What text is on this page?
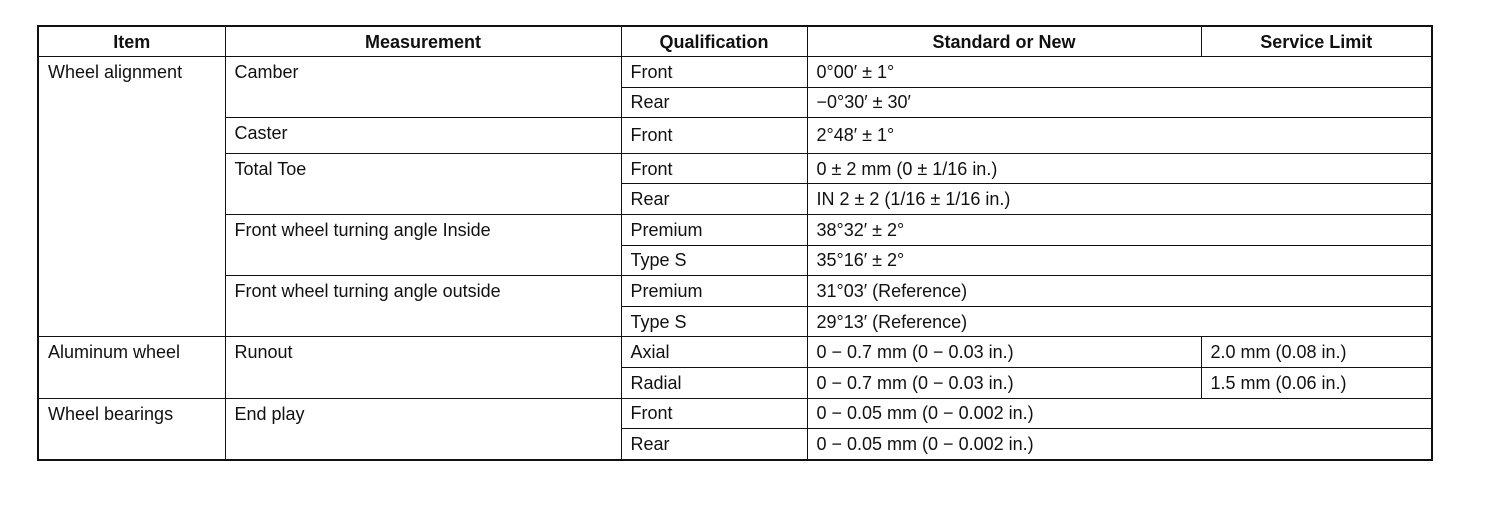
Item	Measurement	Qualification	Standard or New	Service Limit
Wheel alignment	Camber	Front	0°00′ ± 1°	
		Rear	−0°30′ ± 30′	
	Caster	Front	2°48′ ± 1°	
	Total Toe	Front	0 ± 2 mm (0 ± 1/16 in.)	
		Rear	IN 2 ± 2 (1/16 ± 1/16 in.)	
	Front wheel turning angle Inside	Premium	38°32′ ± 2°	
		Type S	35°16′ ± 2°	
	Front wheel turning angle outside	Premium	31°03′ (Reference)	
		Type S	29°13′ (Reference)	
Aluminum wheel	Runout	Axial	0 − 0.7 mm (0 − 0.03 in.)	2.0 mm (0.08 in.)
		Radial	0 − 0.7 mm (0 − 0.03 in.)	1.5 mm (0.06 in.)
Wheel bearings	End play	Front	0 − 0.05 mm (0 − 0.002 in.)	
		Rear	0 − 0.05 mm (0 − 0.002 in.)	
